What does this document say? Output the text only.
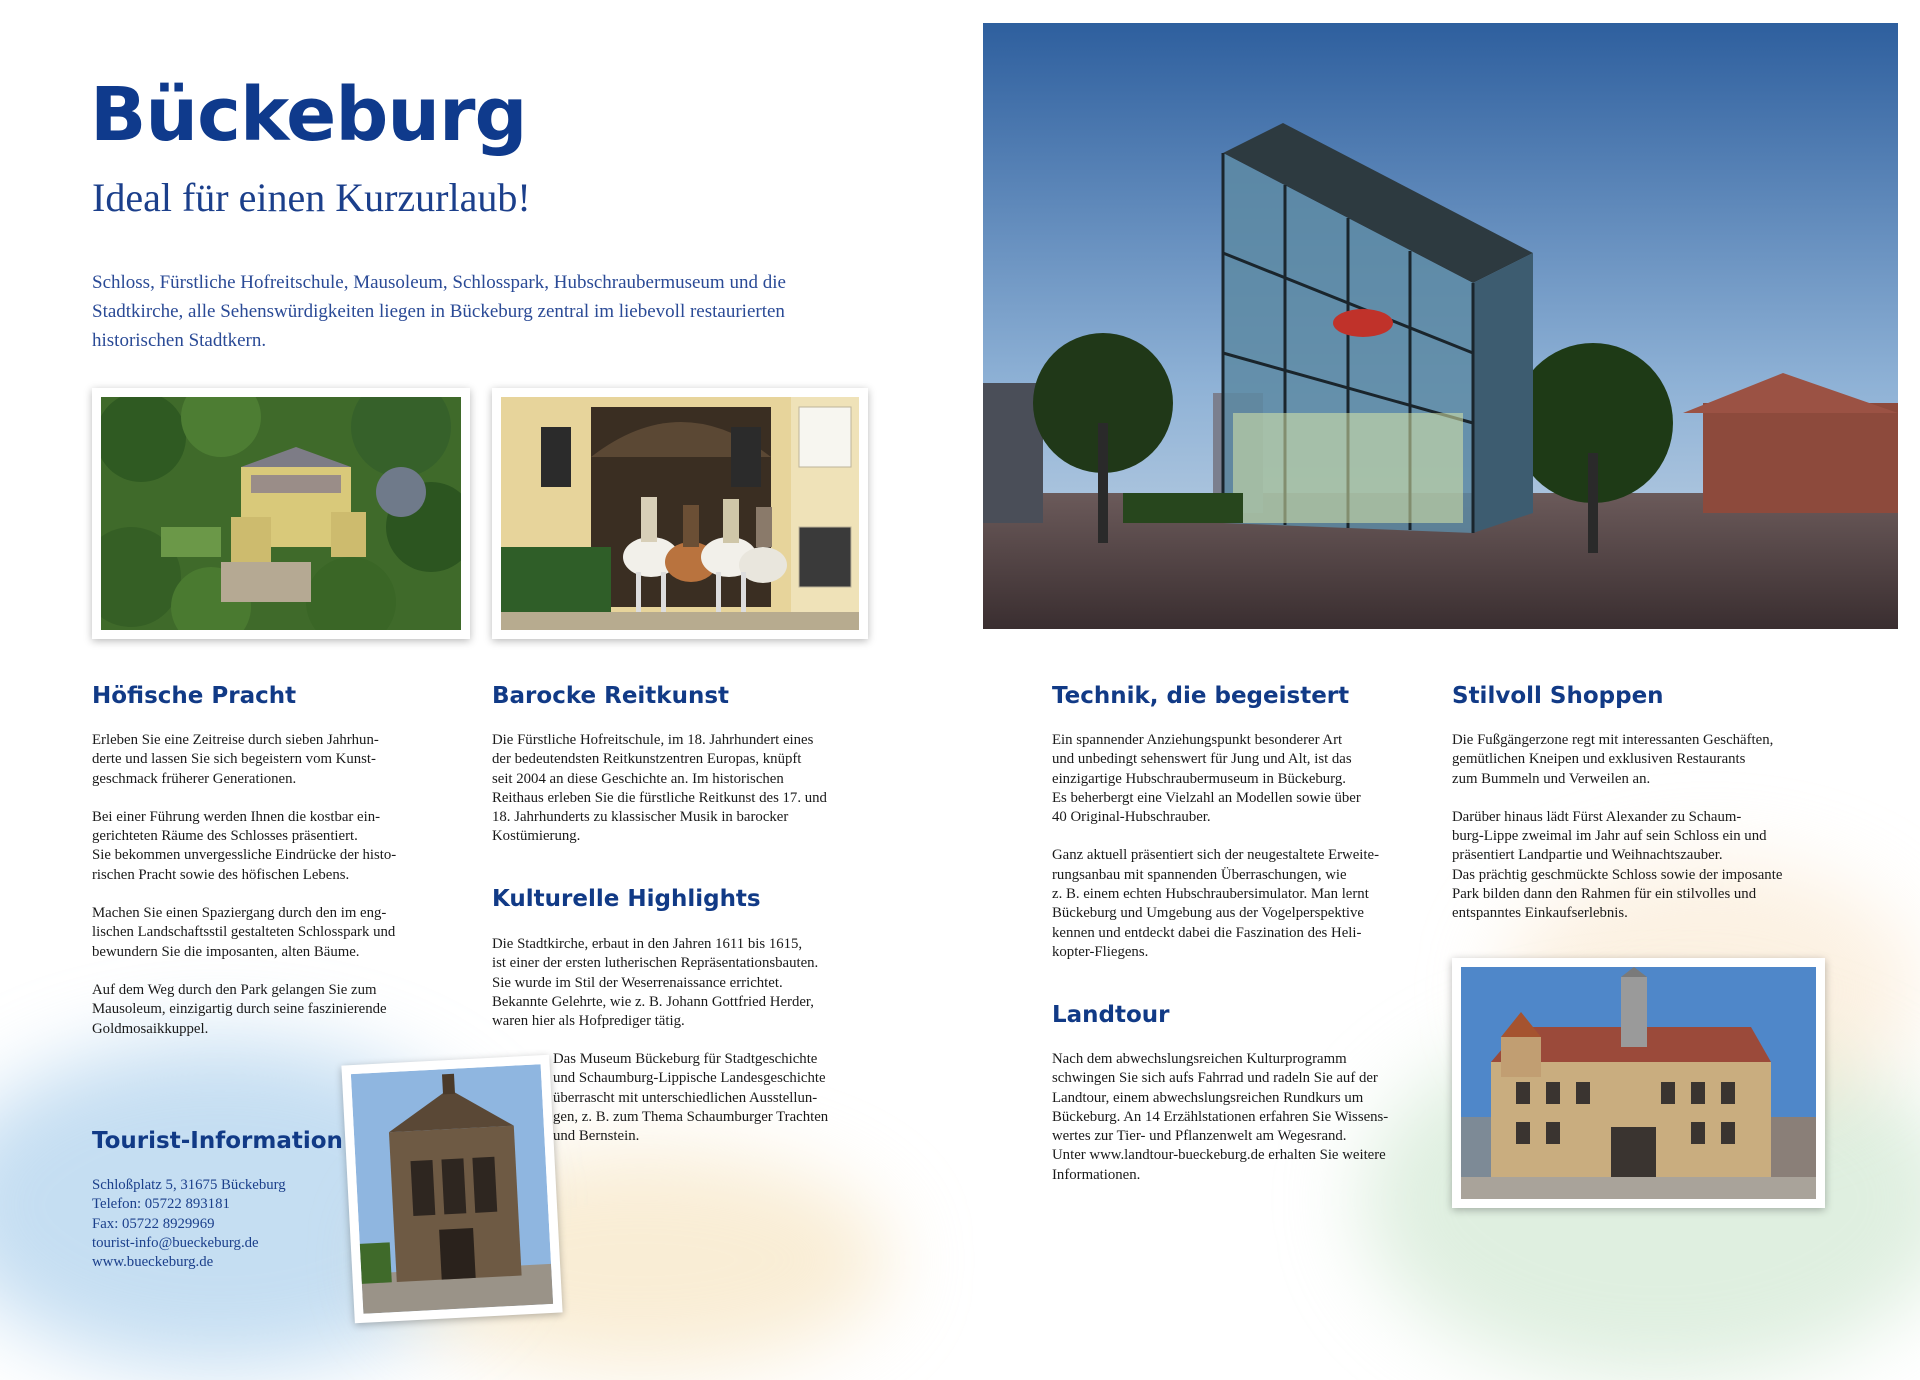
Bückeburg
Ideal für einen Kurzurlaub!

Schloss, Fürstliche Hofreitschule, Mausoleum, Schlosspark, Hubschraubermuseum und die Stadtkirche, alle Sehenswürdigkeiten liegen in Bückeburg zentral im liebevoll restaurierten historischen Stadtkern.

Höfische Pracht

Erleben Sie eine Zeitreise durch sieben Jahrhun-
derte und lassen Sie sich begeistern vom Kunst-
geschmack früherer Generationen.

Bei einer Führung werden Ihnen die kostbar ein-
gerichteten Räume des Schlosses präsentiert.
Sie bekommen unvergessliche Eindrücke der histo-
rischen Pracht sowie des höfischen Lebens.

Machen Sie einen Spaziergang durch den im eng-
lischen Landschaftsstil gestalteten Schlosspark und
bewundern Sie die imposanten, alten Bäume.

Auf dem Weg durch den Park gelangen Sie zum
Mausoleum, einzigartig durch seine faszinierende
Goldmosaikkuppel.

Barocke Reitkunst

Die Fürstliche Hofreitschule, im 18. Jahrhundert eines
der bedeutendsten Reitkunstzentren Europas, knüpft
seit 2004 an diese Geschichte an. Im historischen
Reithaus erleben Sie die fürstliche Reitkunst des 17. und
18. Jahrhunderts zu klassischer Musik in barocker
Kostümierung.

Kulturelle Highlights

Die Stadtkirche, erbaut in den Jahren 1611 bis 1615,
ist einer der ersten lutherischen Repräsentationsbauten.
Sie wurde im Stil der Weserrenaissance errichtet.
Bekannte Gelehrte, wie z. B. Johann Gottfried Herder,
waren hier als Hofprediger tätig.

Das Museum Bückeburg für Stadtgeschichte
und Schaumburg-Lippische Landesgeschichte
überrascht mit unterschiedlichen Ausstellun-
gen, z. B. zum Thema Schaumburger Trachten
und Bernstein.

Tourist-Information
Schloßplatz 5, 31675 Bückeburg
Telefon: 05722 893181
Fax: 05722 8929969
tourist-info@bueckeburg.de
www.bueckeburg.de
Technik, die begeistert

Ein spannender Anziehungspunkt besonderer Art
und unbedingt sehenswert für Jung und Alt, ist das
einzigartige Hubschraubermuseum in Bückeburg.
Es beherbergt eine Vielzahl an Modellen sowie über
40 Original-Hubschrauber.

Ganz aktuell präsentiert sich der neugestaltete Erweite-
rungsanbau mit spannenden Überraschungen, wie
z. B. einem echten Hubschraubersimulator. Man lernt
Bückeburg und Umgebung aus der Vogelperspektive
kennen und entdeckt dabei die Faszination des Heli-
kopter-Fliegens.

Landtour

Nach dem abwechslungsreichen Kulturprogramm
schwingen Sie sich aufs Fahrrad und radeln Sie auf der
Landtour, einem abwechslungsreichen Rundkurs um
Bückeburg. An 14 Erzählstationen erfahren Sie Wissens-
wertes zur Tier- und Pflanzenwelt am Wegesrand.
Unter www.landtour-bueckeburg.de erhalten Sie weitere
Informationen.

Stilvoll Shoppen

Die Fußgängerzone regt mit interessanten Geschäften,
gemütlichen Kneipen und exklusiven Restaurants
zum Bummeln und Verweilen an.

Darüber hinaus lädt Fürst Alexander zu Schaum-
burg-Lippe zweimal im Jahr auf sein Schloss ein und
präsentiert Landpartie und Weihnachtszauber.
Das prächtig geschmückte Schloss sowie der imposante
Park bilden dann den Rahmen für ein stilvolles und
entspanntes Einkaufserlebnis.
